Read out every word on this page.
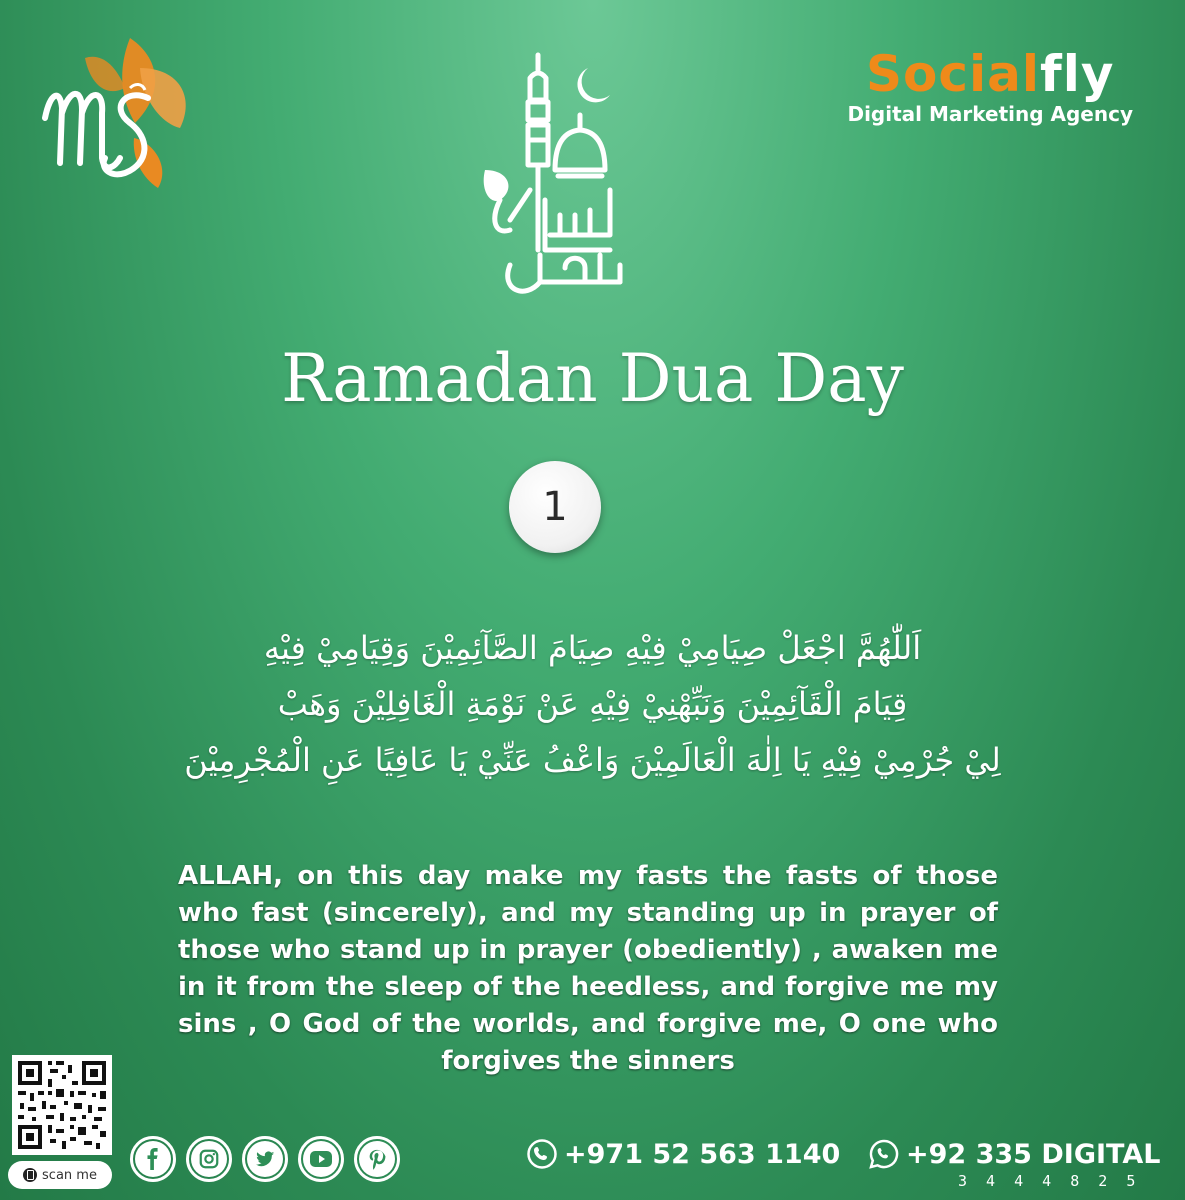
Socialfly
Digital Marketing Agency
Ramadan Dua Day
1
اَللّٰهُمَّ اجْعَلْ صِيَامِيْ فِيْهِ صِيَامَ الصَّآئِمِيْنَ وَقِيَامِيْ فِيْهِ
قِيَامَ الْقَآئِمِيْنَ وَنَبِّهْنِيْ فِيْهِ عَنْ نَوْمَةِ الْغَافِلِيْنَ وَهَبْ
لِيْ جُرْمِيْ فِيْهِ يَا اِلٰهَ الْعَالَمِيْنَ وَاعْفُ عَنِّيْ يَا عَافِيًا عَنِ الْمُجْرِمِيْنَ
ALLAH, on this day make my fasts the fasts of those who fast (sincerely), and my standing up in prayer of those who stand up in prayer (obediently) , awaken me in it from the sleep of the heedless, and forgive me my sins , O God of the worlds, and forgive me, O one who forgives the sinners
scan me
+971 52 563 1140 +92 335 DIGITAL
3 4 4 4 8 2 5
